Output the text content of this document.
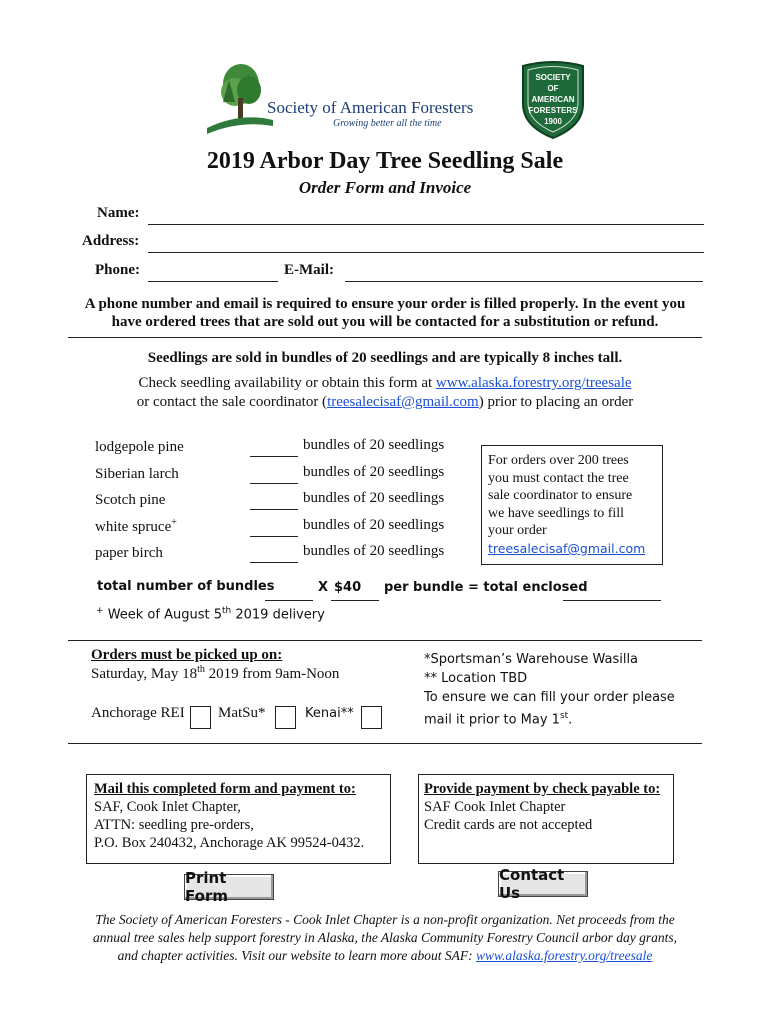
Society of American Foresters
Growing better all the time
SOCIETY
OF
AMERICAN
FORESTERS
1900
2019 Arbor Day Tree Seedling Sale
Order Form and Invoice
Name:
Address:
Phone:	E-Mail:
A phone number and email is required to ensure your order is filled properly. In the event you
have ordered trees that are sold out you will be contacted for a substitution or refund.
Seedlings are sold in bundles of 20 seedlings and are typically 8 inches tall.
Check seedling availability or obtain this form at www.alaska.forestry.org/treesale
or contact the sale coordinator (treesalecisaf@gmail.com) prior to placing an order
lodgepole pine	bundles of 20 seedlings
Siberian larch	bundles of 20 seedlings
Scotch pine	bundles of 20 seedlings
white spruce+	bundles of 20 seedlings
paper birch	bundles of 20 seedlings
For orders over 200 trees
you must contact the tree
sale coordinator to ensure
we have seedlings to fill
your order
treesalecisaf@gmail.com
total number of bundles	X $40 per bundle = total enclosed
+ Week of August 5th 2019 delivery
Orders must be picked up on:
Saturday, May 18th 2019 from 9am-Noon
Anchorage REI MatSu*	Kenai**
*Sportsman’s Warehouse Wasilla
** Location TBD
To ensure we can fill your order please
mail it prior to May 1st.
Mail this completed form and payment to:
SAF, Cook Inlet Chapter,
ATTN: seedling pre-orders,
P.O. Box 240432, Anchorage AK 99524-0432.
Provide payment by check payable to:
SAF Cook Inlet Chapter
Credit cards are not accepted
Print Form
Contact Us
The Society of American Foresters - Cook Inlet Chapter is a non-profit organization. Net proceeds from the
annual tree sales help support forestry in Alaska, the Alaska Community Forestry Council arbor day grants,
and chapter activities. Visit our website to learn more about SAF: www.alaska.forestry.org/treesale
